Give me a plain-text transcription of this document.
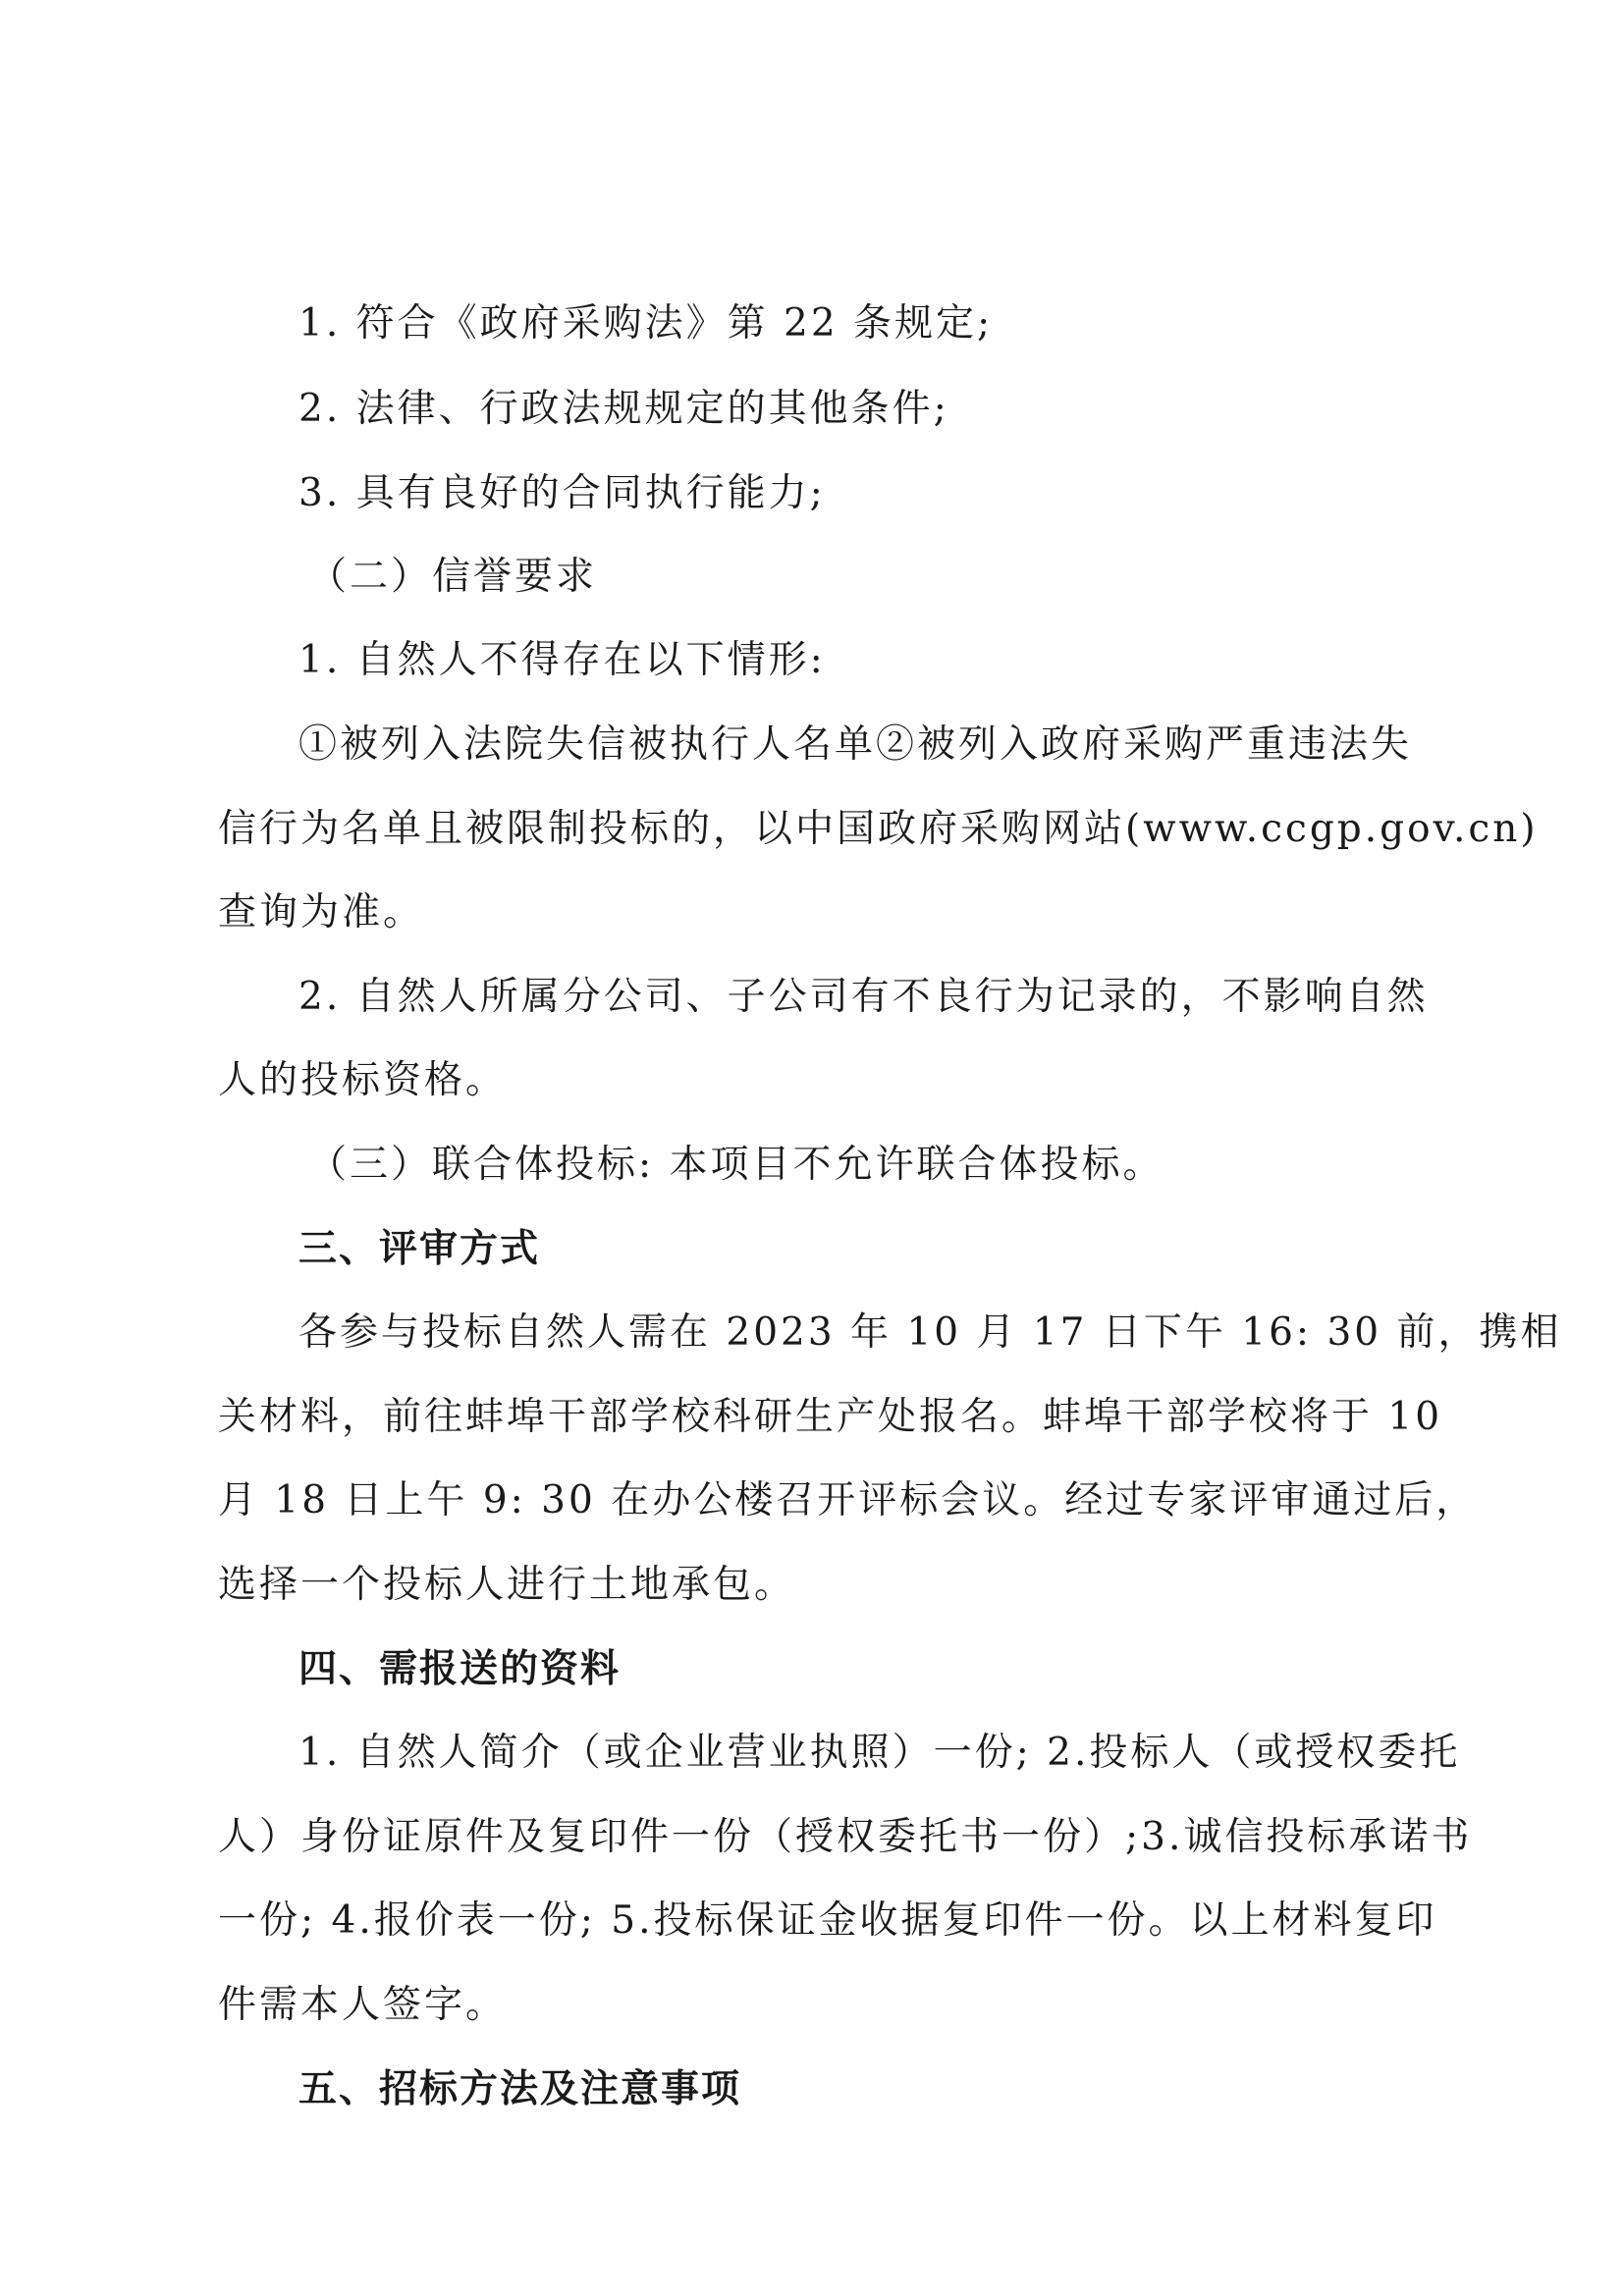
1. 符合《政府采购法》第 22 条规定;
2. 法律、行政法规规定的其他条件;
3. 具有良好的合同执行能力;
（二）信誉要求
1. 自然人不得存在以下情形:
①被列入法院失信被执行人名单②被列入政府采购严重违法失
信行为名单且被限制投标的，以中国政府采购网站(www.ccgp.gov.cn)
查询为准。
2. 自然人所属分公司、子公司有不良行为记录的，不影响自然
人的投标资格。
（三）联合体投标: 本项目不允许联合体投标。
三、评审方式
各参与投标自然人需在 2023 年 10 月 17 日下午 16: 30 前，携相
关材料，前往蚌埠干部学校科研生产处报名。蚌埠干部学校将于 10
月 18 日上午 9: 30 在办公楼召开评标会议。经过专家评审通过后，
选择一个投标人进行土地承包。
四、需报送的资料
1. 自然人简介（或企业营业执照）一份; 2.投标人（或授权委托
人）身份证原件及复印件一份（授权委托书一份）;3.诚信投标承诺书
一份; 4.报价表一份; 5.投标保证金收据复印件一份。以上材料复印
件需本人签字。
五、招标方法及注意事项
